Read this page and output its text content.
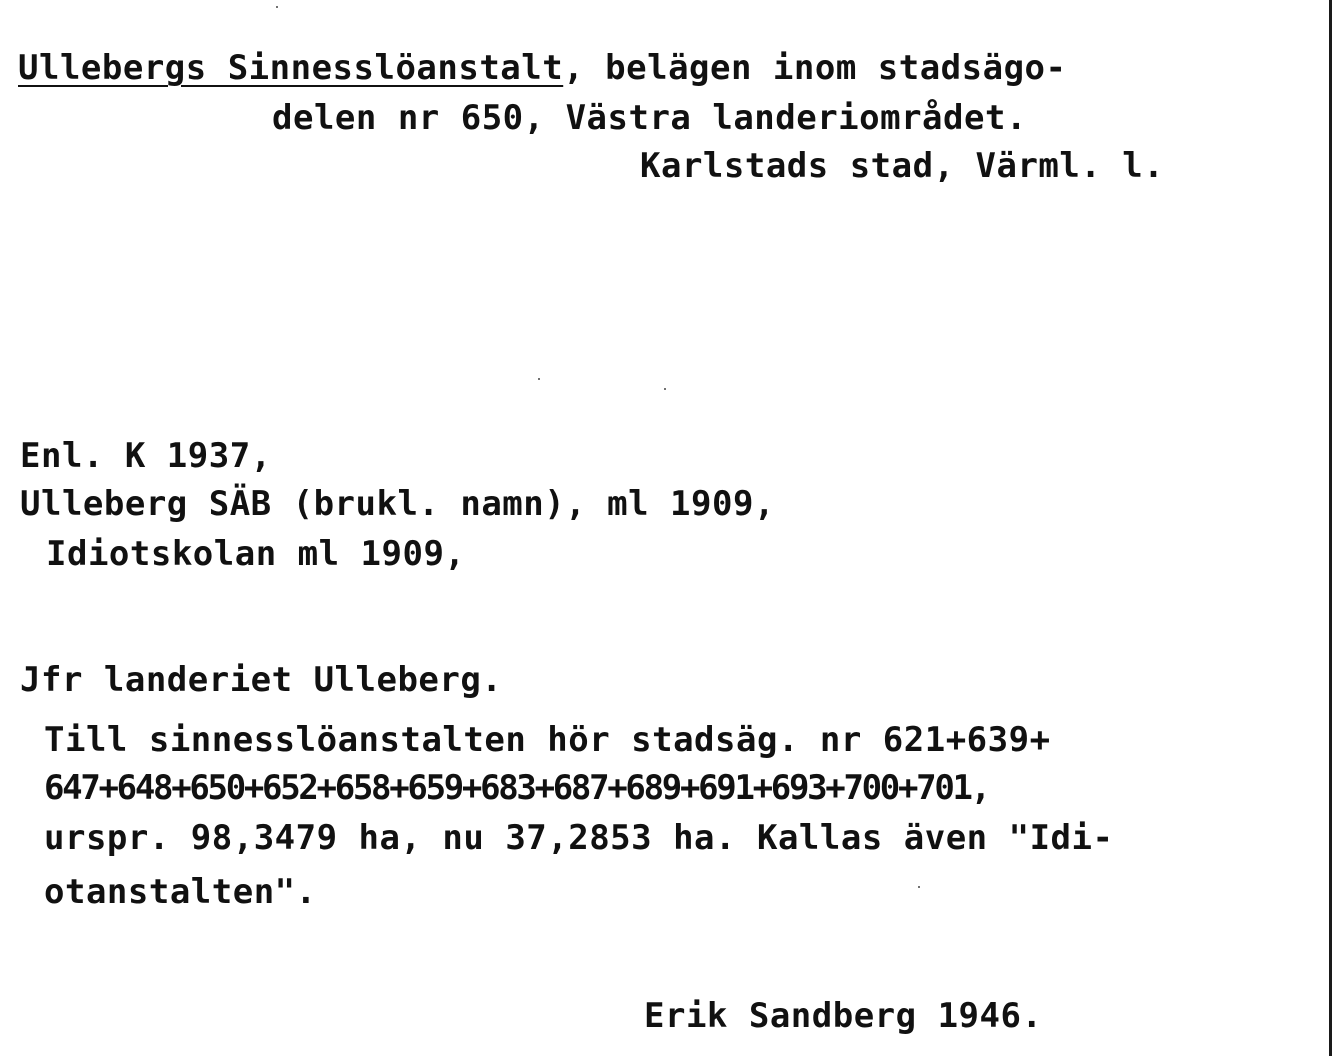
Ullebergs Sinnesslöanstalt, belägen inom stadsägo-
delen nr 650, Västra landeriområdet.
Karlstads stad, Värml. l.
Enl. K 1937,
Ulleberg SÄB (brukl. namn), ml 1909,
Idiotskolan ml 1909,
Jfr landeriet Ulleberg.
Till sinnesslöanstalten hör stadsäg. nr 621+639+
647+648+650+652+658+659+683+687+689+691+693+700+701,
urspr. 98,3479 ha, nu 37,2853 ha. Kallas även "Idi-
otanstalten".
Erik Sandberg 1946.
